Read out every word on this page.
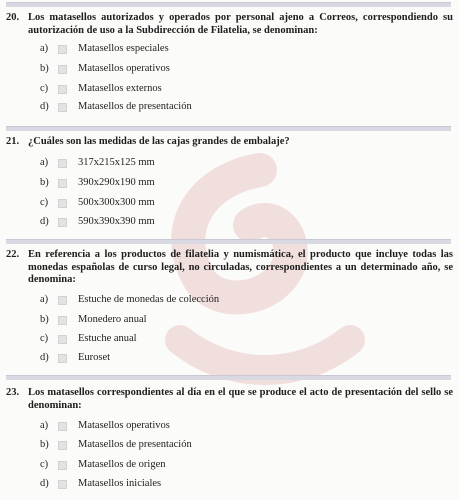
20. Los matasellos autorizados y operados por personal ajeno a Correos, correspondiendo su autorización de uso a la Subdirección de Filatelia, se denominan:
a)	Matasellos especiales
b)	Matasellos operativos
c)	Matasellos externos
d)	Matasellos de presentación
21. ¿Cuáles son las medidas de las cajas grandes de embalaje?
a)	317x215x125 mm
b)	390x290x190 mm
c)	500x300x300 mm
d)	590x390x390 mm
22. En referencia a los productos de filatelia y numismática, el producto que incluye todas las monedas españolas de curso legal, no circuladas, correspondientes a un determinado año, se denomina:
a)	Estuche de monedas de colección
b)	Monedero anual
c)	Estuche anual
d)	Euroset
23. Los matasellos correspondientes al día en el que se produce el acto de presentación del sello se denominan:
a)	Matasellos operativos
b)	Matasellos de presentación
c)	Matasellos de origen
d)	Matasellos iniciales
